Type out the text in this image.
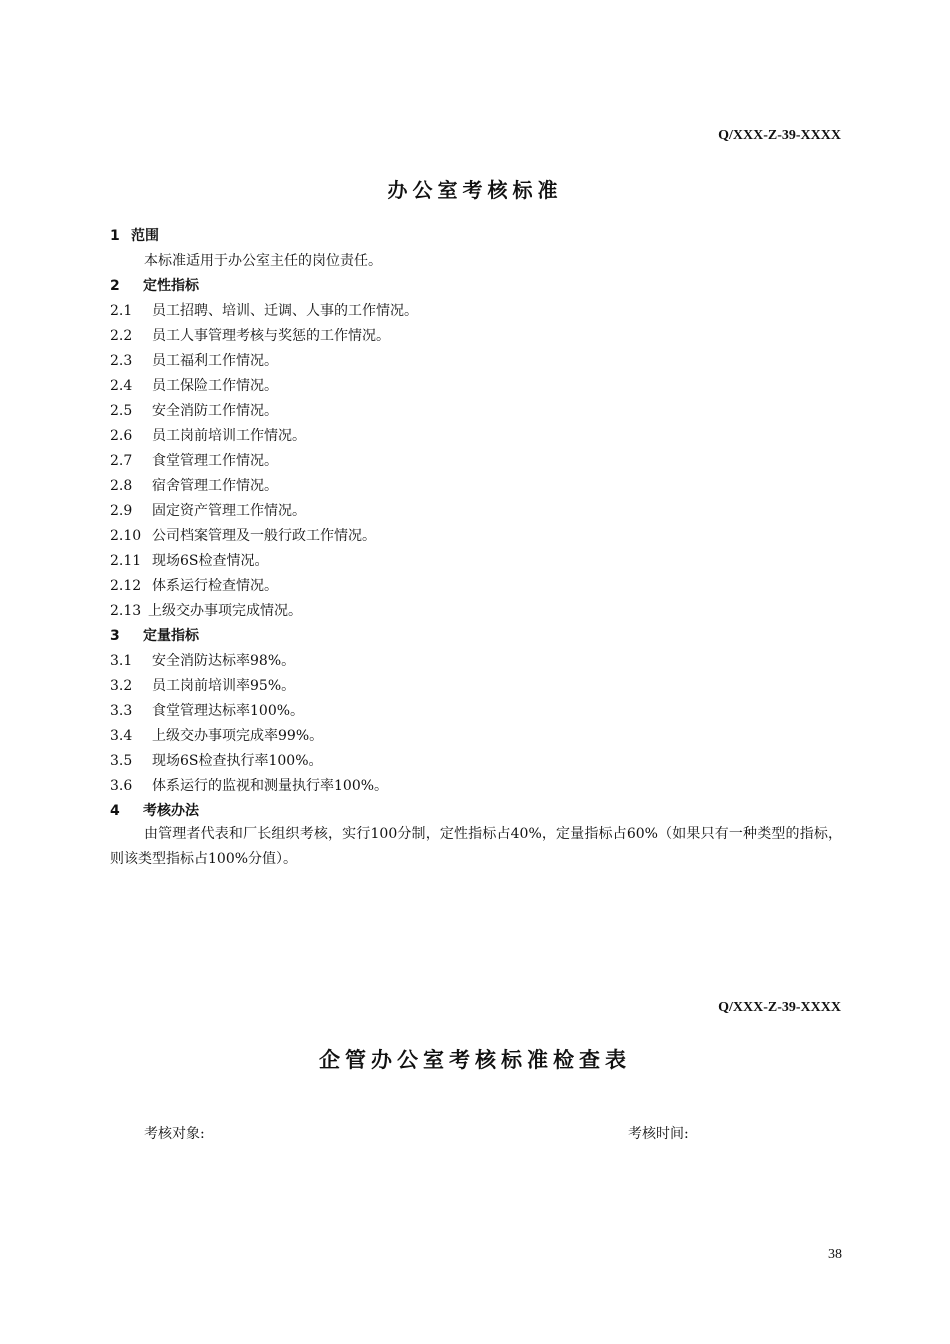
Q/XXX-Z-39-XXXX
办公室考核标准
1 范围
本标准适用于办公室主任的岗位责任。
2 定性指标
2.1 员工招聘、培训、迁调、人事的工作情况。
2.2 员工人事管理考核与奖惩的工作情况。
2.3 员工福利工作情况。
2.4 员工保险工作情况。
2.5 安全消防工作情况。
2.6 员工岗前培训工作情况。
2.7 食堂管理工作情况。
2.8 宿舍管理工作情况。
2.9 固定资产管理工作情况。
2.10 公司档案管理及一般行政工作情况。
2.11 现场6S检查情况。
2.12 体系运行检查情况。
2.13 上级交办事项完成情况。
3 定量指标
3.1 安全消防达标率98%。
3.2 员工岗前培训率95%。
3.3 食堂管理达标率100%。
3.4 上级交办事项完成率99%。
3.5 现场6S检查执行率100%。
3.6 体系运行的监视和测量执行率100%。
4 考核办法
由管理者代表和厂长组织考核，实行100分制，定性指标占40%，定量指标占60%（如果只有一种类型的指标，则该类型指标占100%分值）。
Q/XXX-Z-39-XXXX
企管办公室考核标准检查表
考核对象:	考核时间:
38
